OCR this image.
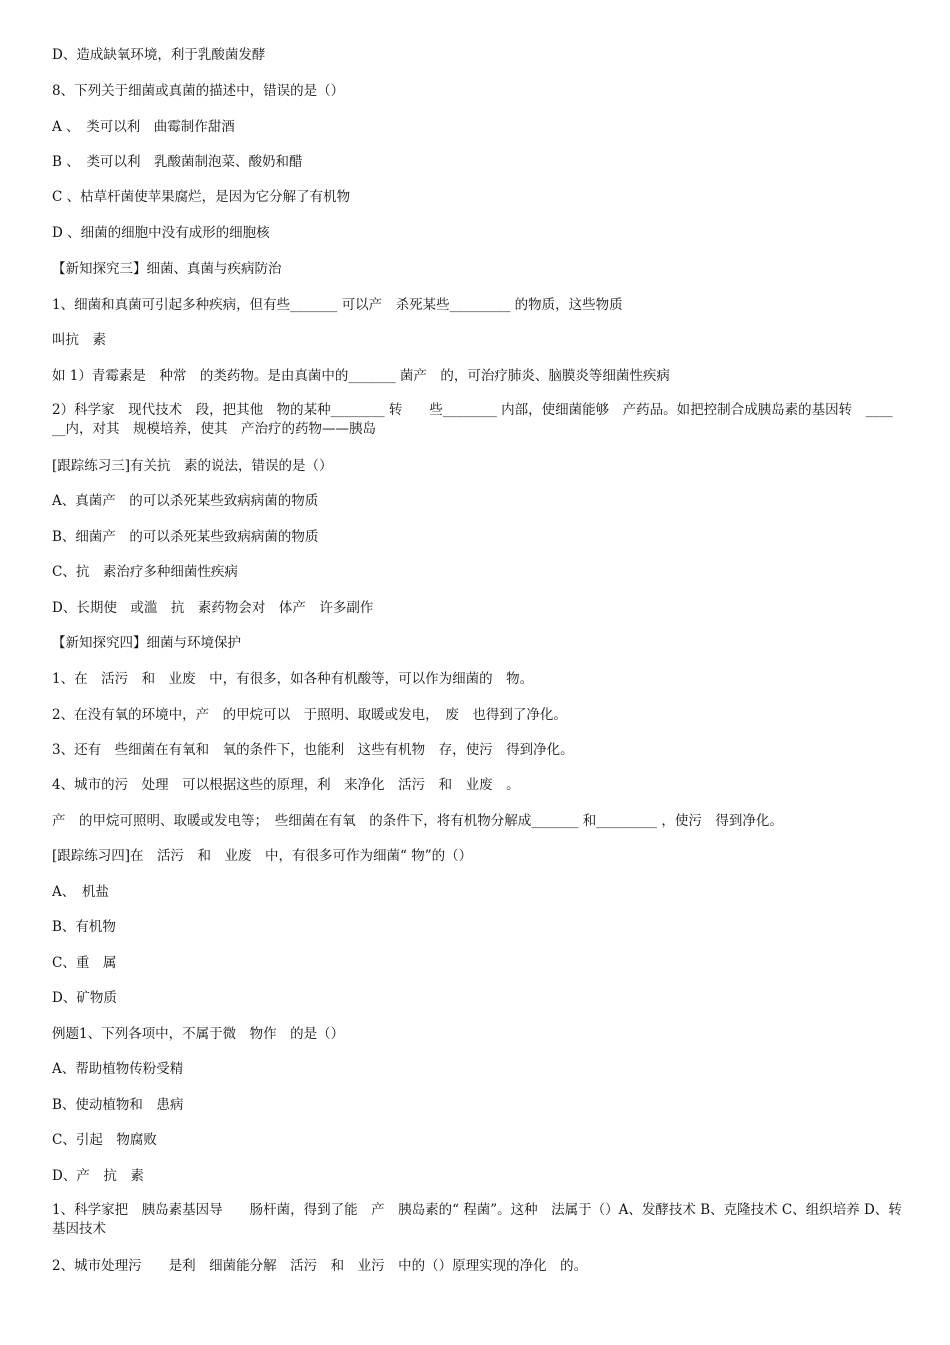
D、造成缺氧环境，利于乳酸菌发酵
8、下列关于细菌或真菌的描述中，错误的是（）
A 、　类可以利　曲霉制作甜酒
B 、　类可以利　乳酸菌制泡菜、酸奶和醋
C 、枯草杆菌使苹果腐烂，是因为它分解了有机物
D 、细菌的细胞中没有成形的细胞核
【新知探究三】细菌、真菌与疾病防治
1、细菌和真菌可引起多种疾病，但有些_______ 可以产　杀死某些_________ 的物质，这些物质
叫抗　素
如 1）青霉素是　种常　的类药物。是由真菌中的_______ 菌产　的，可治疗肺炎、脑膜炎等细菌性疾病
2）科学家　现代技术　段，把其他　物的某种________ 转　　些________ 内部，使细菌能够　产药品。如把控制合成胰岛素的基因转　____ __内，对其　规模培养，使其　产治疗的药物——胰岛
[跟踪练习三]有关抗　素的说法，错误的是（）
A、真菌产　的可以杀死某些致病病菌的物质
B、细菌产　的可以杀死某些致病病菌的物质
C、抗　素治疗多种细菌性疾病
D、长期使　或滥　抗　素药物会对　体产　许多副作
【新知探究四】细菌与环境保护
1、在　活污　和　业废　中，有很多，如各种有机酸等，可以作为细菌的　物。
2、在没有氧的环境中，产　的甲烷可以　于照明、取暖或发电，　废　也得到了净化。
3、还有　些细菌在有氧和　氧的条件下，也能利　这些有机物　存，使污　得到净化。
4、城市的污　处理　可以根据这些的原理，利　来净化　活污　和　业废　。
产　的甲烷可照明、取暖或发电等；　些细菌在有氧　的条件下，将有机物分解成_______ 和_________ ，使污　得到净化。
[跟踪练习四]在　活污　和　业废　中，有很多可作为细菌“ 物”的（）
A、　机盐
B、有机物
C、重　属
D、矿物质
例题1、下列各项中，不属于微　物作　的是（）
A、帮助植物传粉受精
B、使动植物和　患病
C、引起　物腐败
D、产　抗　素
1、科学家把　胰岛素基因导　　肠杆菌，得到了能　产　胰岛素的“ 程菌”。这种　法属于（）A、发酵技术 B、克隆技术 C、组织培养 D、转基因技术
2、城市处理污　　是利　细菌能分解　活污　和　业污　中的（）原理实现的净化　的。
